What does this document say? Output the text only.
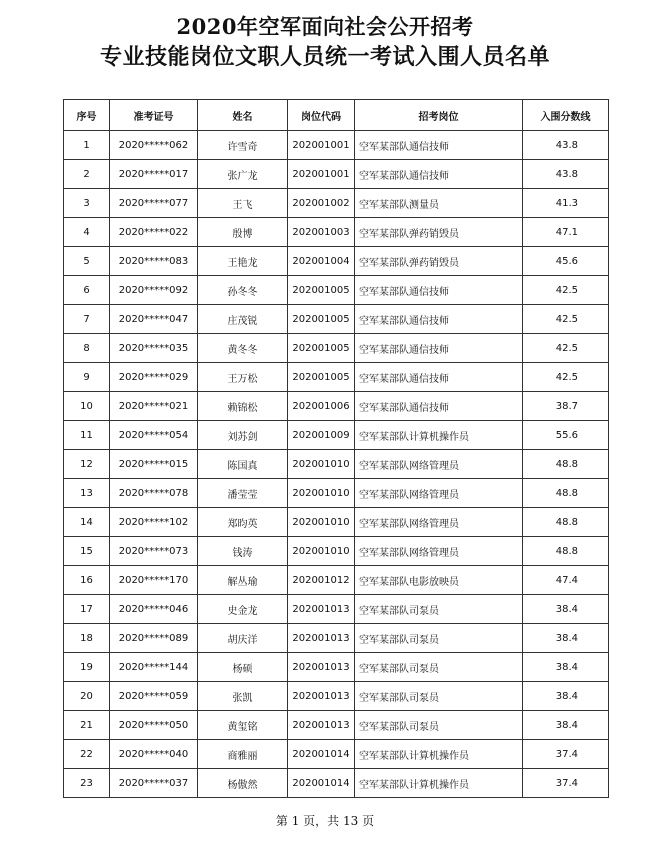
2020年空军面向社会公开招考
专业技能岗位文职人员统一考试入围人员名单
序号	准考证号	姓名	岗位代码	招考岗位	入围分数线
1	2020*****062	许雪奇	202001001	空军某部队通信技师	43.8
2	2020*****017	张广龙	202001001	空军某部队通信技师	43.8
3	2020*****077	王飞	202001002	空军某部队测量员	41.3
4	2020*****022	殷博	202001003	空军某部队弹药销毁员	47.1
5	2020*****083	王艳龙	202001004	空军某部队弹药销毁员	45.6
6	2020*****092	孙冬冬	202001005	空军某部队通信技师	42.5
7	2020*****047	庄茂锐	202001005	空军某部队通信技师	42.5
8	2020*****035	黄冬冬	202001005	空军某部队通信技师	42.5
9	2020*****029	王万松	202001005	空军某部队通信技师	42.5
10	2020*****021	赖锦松	202001006	空军某部队通信技师	38.7
11	2020*****054	刘苏剑	202001009	空军某部队计算机操作员	55.6
12	2020*****015	陈国真	202001010	空军某部队网络管理员	48.8
13	2020*****078	潘莹莹	202001010	空军某部队网络管理员	48.8
14	2020*****102	郑昀英	202001010	空军某部队网络管理员	48.8
15	2020*****073	钱涛	202001010	空军某部队网络管理员	48.8
16	2020*****170	解丛瑜	202001012	空军某部队电影放映员	47.4
17	2020*****046	史金龙	202001013	空军某部队司泵员	38.4
18	2020*****089	胡庆洋	202001013	空军某部队司泵员	38.4
19	2020*****144	杨硕	202001013	空军某部队司泵员	38.4
20	2020*****059	张凯	202001013	空军某部队司泵员	38.4
21	2020*****050	黄玺铭	202001013	空军某部队司泵员	38.4
22	2020*****040	商雅丽	202001014	空军某部队计算机操作员	37.4
23	2020*****037	杨傲然	202001014	空军某部队计算机操作员	37.4
第 1 页，共 13 页
